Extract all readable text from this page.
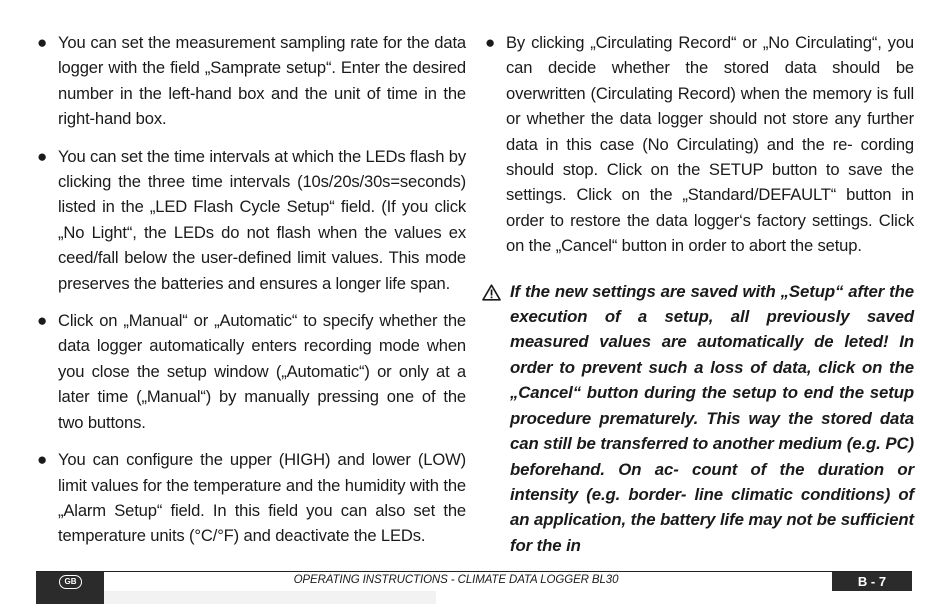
● You can set the measurement sampling rate for the data logger with the field „Samprate setup“. Enter the desired number in the left-hand box and the unit of time in the right-hand box.

● You can set the time intervals at which the LEDs flash by clicking the three time intervals (10s/20s/30s=seconds) listed in the „LED Flash Cycle Setup“ field. (If you click „No Light“, the LEDs do not flash when the values ex ceed/fall below the user-defined limit values. This mode preserves the batteries and ensures a longer life span.

● Click on „Manual“ or „Automatic“ to specify whether the data logger automatically enters recording mode when you close the setup window („Automatic“) or only at a later time („Manual“) by manually pressing one of the two buttons.

● You can configure the upper (HIGH) and lower (LOW) limit values for the temperature and the humidity with the „Alarm Setup“ field. In this field you can also set the temperature units (°C/°F) and deactivate the LEDs.

● By clicking „Circulating Record“ or „No Circulating“, you can decide whether the stored data should be overwritten (Circulating Record) when the memory is full or whether the data logger should not store any further data in this case (No Circulating) and the re- cording should stop. Click on the SETUP button to save the settings. Click on the „Standard/DEFAULT“ button in order to restore the data logger‘s factory settings. Click on the „Cancel“ button in order to abort the setup.

If the new settings are saved with „Setup“ after the execution of a setup, all previously saved measured values are automatically de leted! In order to prevent such a loss of data, click on the „Cancel“ button during the setup to end the setup procedure prematurely. This way the stored data can still be transferred to another medium (e.g. PC) beforehand. On ac- count of the duration or intensity (e.g. border- line climatic conditions) of an application, the battery life may not be sufficient for the in
GB	OPERATING INSTRUCTIONS - CLIMATE DATA LOGGER BL30	B - 7
